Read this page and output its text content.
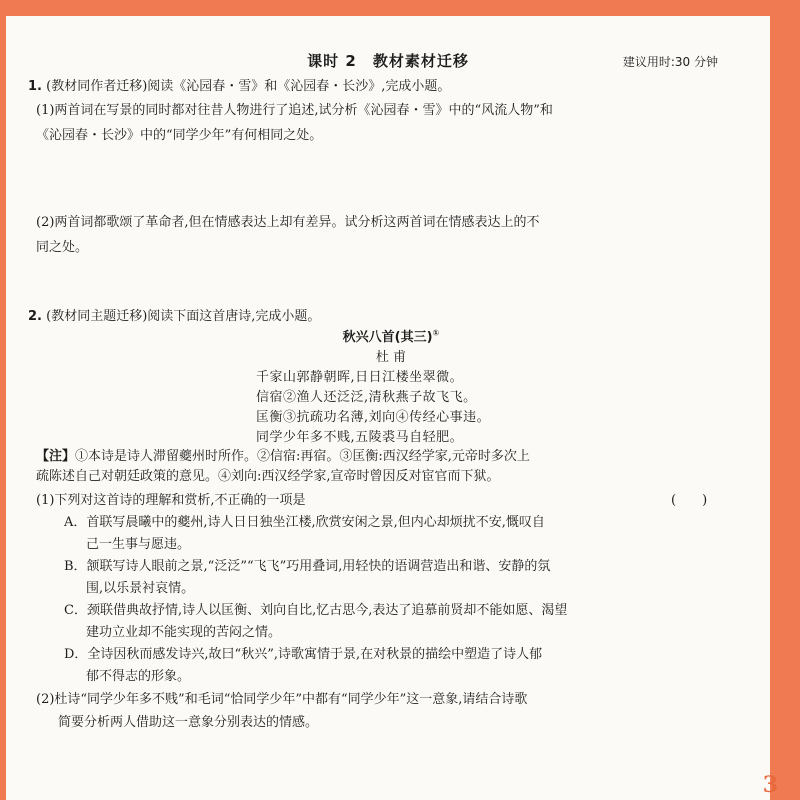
课时 2　教材素材迁移	建议用时:30 分钟
1. (教材同作者迁移)阅读《沁园春・雪》和《沁园春・长沙》,完成小题。
(1)两首词在写景的同时都对往昔人物进行了追述,试分析《沁园春・雪》中的“风流人物”和
《沁园春・长沙》中的“同学少年”有何相同之处。
(2)两首词都歌颂了革命者,但在情感表达上却有差异。试分析这两首词在情感表达上的不
同之处。
2. (教材同主题迁移)阅读下面这首唐诗,完成小题。
秋兴八首(其三)①
杜 甫
千家山郭静朝晖,日日江楼坐翠微。
信宿②渔人还泛泛,清秋燕子故飞飞。
匡衡③抗疏功名薄,刘向④传经心事违。
同学少年多不贱,五陵裘马自轻肥。
【注】①本诗是诗人滞留夔州时所作。②信宿:再宿。③匡衡:西汉经学家,元帝时多次上
疏陈述自己对朝廷政策的意见。④刘向:西汉经学家,宣帝时曾因反对宦官而下狱。
(1)下列对这首诗的理解和赏析,不正确的一项是	(　　)
A．首联写晨曦中的夔州,诗人日日独坐江楼,欣赏安闲之景,但内心却烦扰不安,慨叹自
己一生事与愿违。
B．颔联写诗人眼前之景,“泛泛”“飞飞”巧用叠词,用轻快的语调营造出和谐、安静的氛
围,以乐景衬哀情。
C．颈联借典故抒情,诗人以匡衡、刘向自比,忆古思今,表达了追慕前贤却不能如愿、渴望
建功立业却不能实现的苦闷之情。
D．全诗因秋而感发诗兴,故曰“秋兴”,诗歌寓情于景,在对秋景的描绘中塑造了诗人郁
郁不得志的形象。
(2)杜诗“同学少年多不贱”和毛词“恰同学少年”中都有“同学少年”这一意象,请结合诗歌
简要分析两人借助这一意象分别表达的情感。
3
